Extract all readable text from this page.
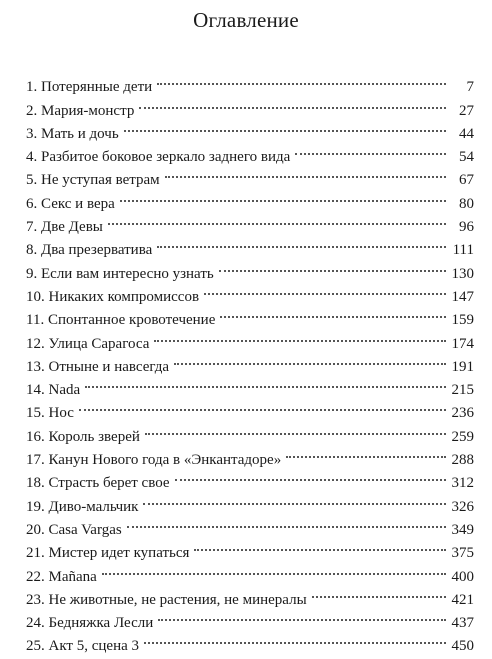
Оглавление
1. Потерянные дети	7
2. Мария-монстр	27
3. Мать и дочь	44
4. Разбитое боковое зеркало заднего вида	54
5. Не уступая ветрам	67
6. Секс и вера	80
7. Две Девы	96
8. Два презерватива	111
9. Если вам интересно узнать	130
10. Никаких компромиссов	147
11. Спонтанное кровотечение	159
12. Улица Сарагоса	174
13. Отныне и навсегда	191
14. Nada	215
15. Нос	236
16. Король зверей	259
17. Канун Нового года в «Энкантадоре»	288
18. Страсть берет свое	312
19. Диво-мальчик	326
20. Casa Vargas	349
21. Мистер идет купаться	375
22. Mañana	400
23. Не животные, не растения, не минералы	421
24. Бедняжка Лесли	437
25. Акт 5, сцена 3	450
